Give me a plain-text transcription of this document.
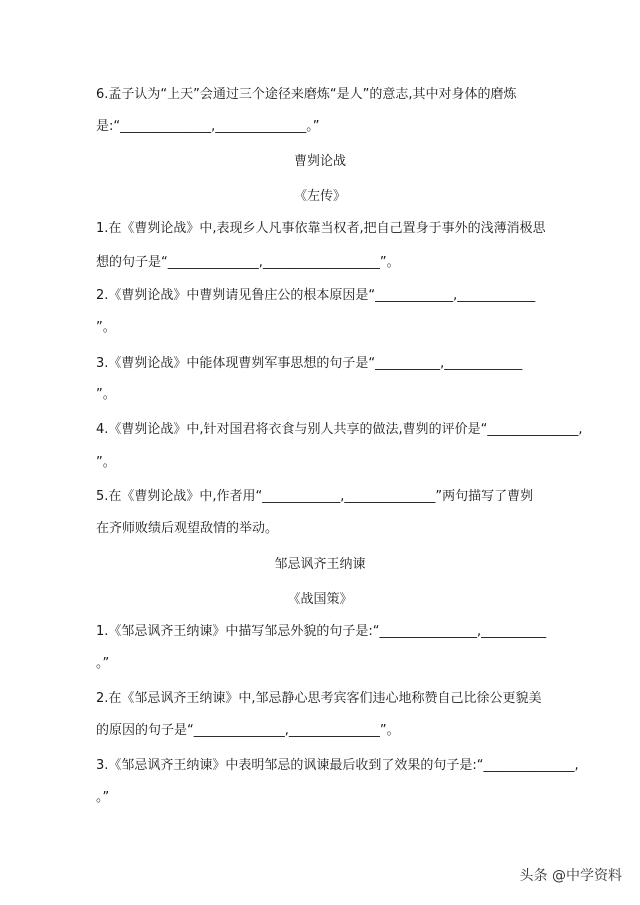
6.孟子认为“上天”会通过三个途径来磨炼“是人”的意志,其中对身体的磨炼
是:“______________,______________。”
曹刿论战
《左传》
1.在《曹刿论战》中,表现乡人凡事依靠当权者,把自己置身于事外的浅薄消极思
想的句子是“______________,__________________”。
2.《曹刿论战》中曹刿请见鲁庄公的根本原因是“____________,____________
”。
3.《曹刿论战》中能体现曹刿军事思想的句子是“__________,____________
”。
4.《曹刿论战》中,针对国君将衣食与别人共享的做法,曹刿的评价是“______________,
”。
5.在《曹刿论战》中,作者用“____________,______________”两句描写了曹刿
在齐师败绩后观望敌情的举动。
邹忌讽齐王纳谏
《战国策》
1.《邹忌讽齐王纳谏》中描写邹忌外貌的句子是:“_______________,__________
。”
2.在《邹忌讽齐王纳谏》中,邹忌静心思考宾客们违心地称赞自己比徐公更貌美
的原因的句子是“______________,______________”。
3.《邹忌讽齐王纳谏》中表明邹忌的讽谏最后收到了效果的句子是:“______________,
。”
头条 @中学资料
